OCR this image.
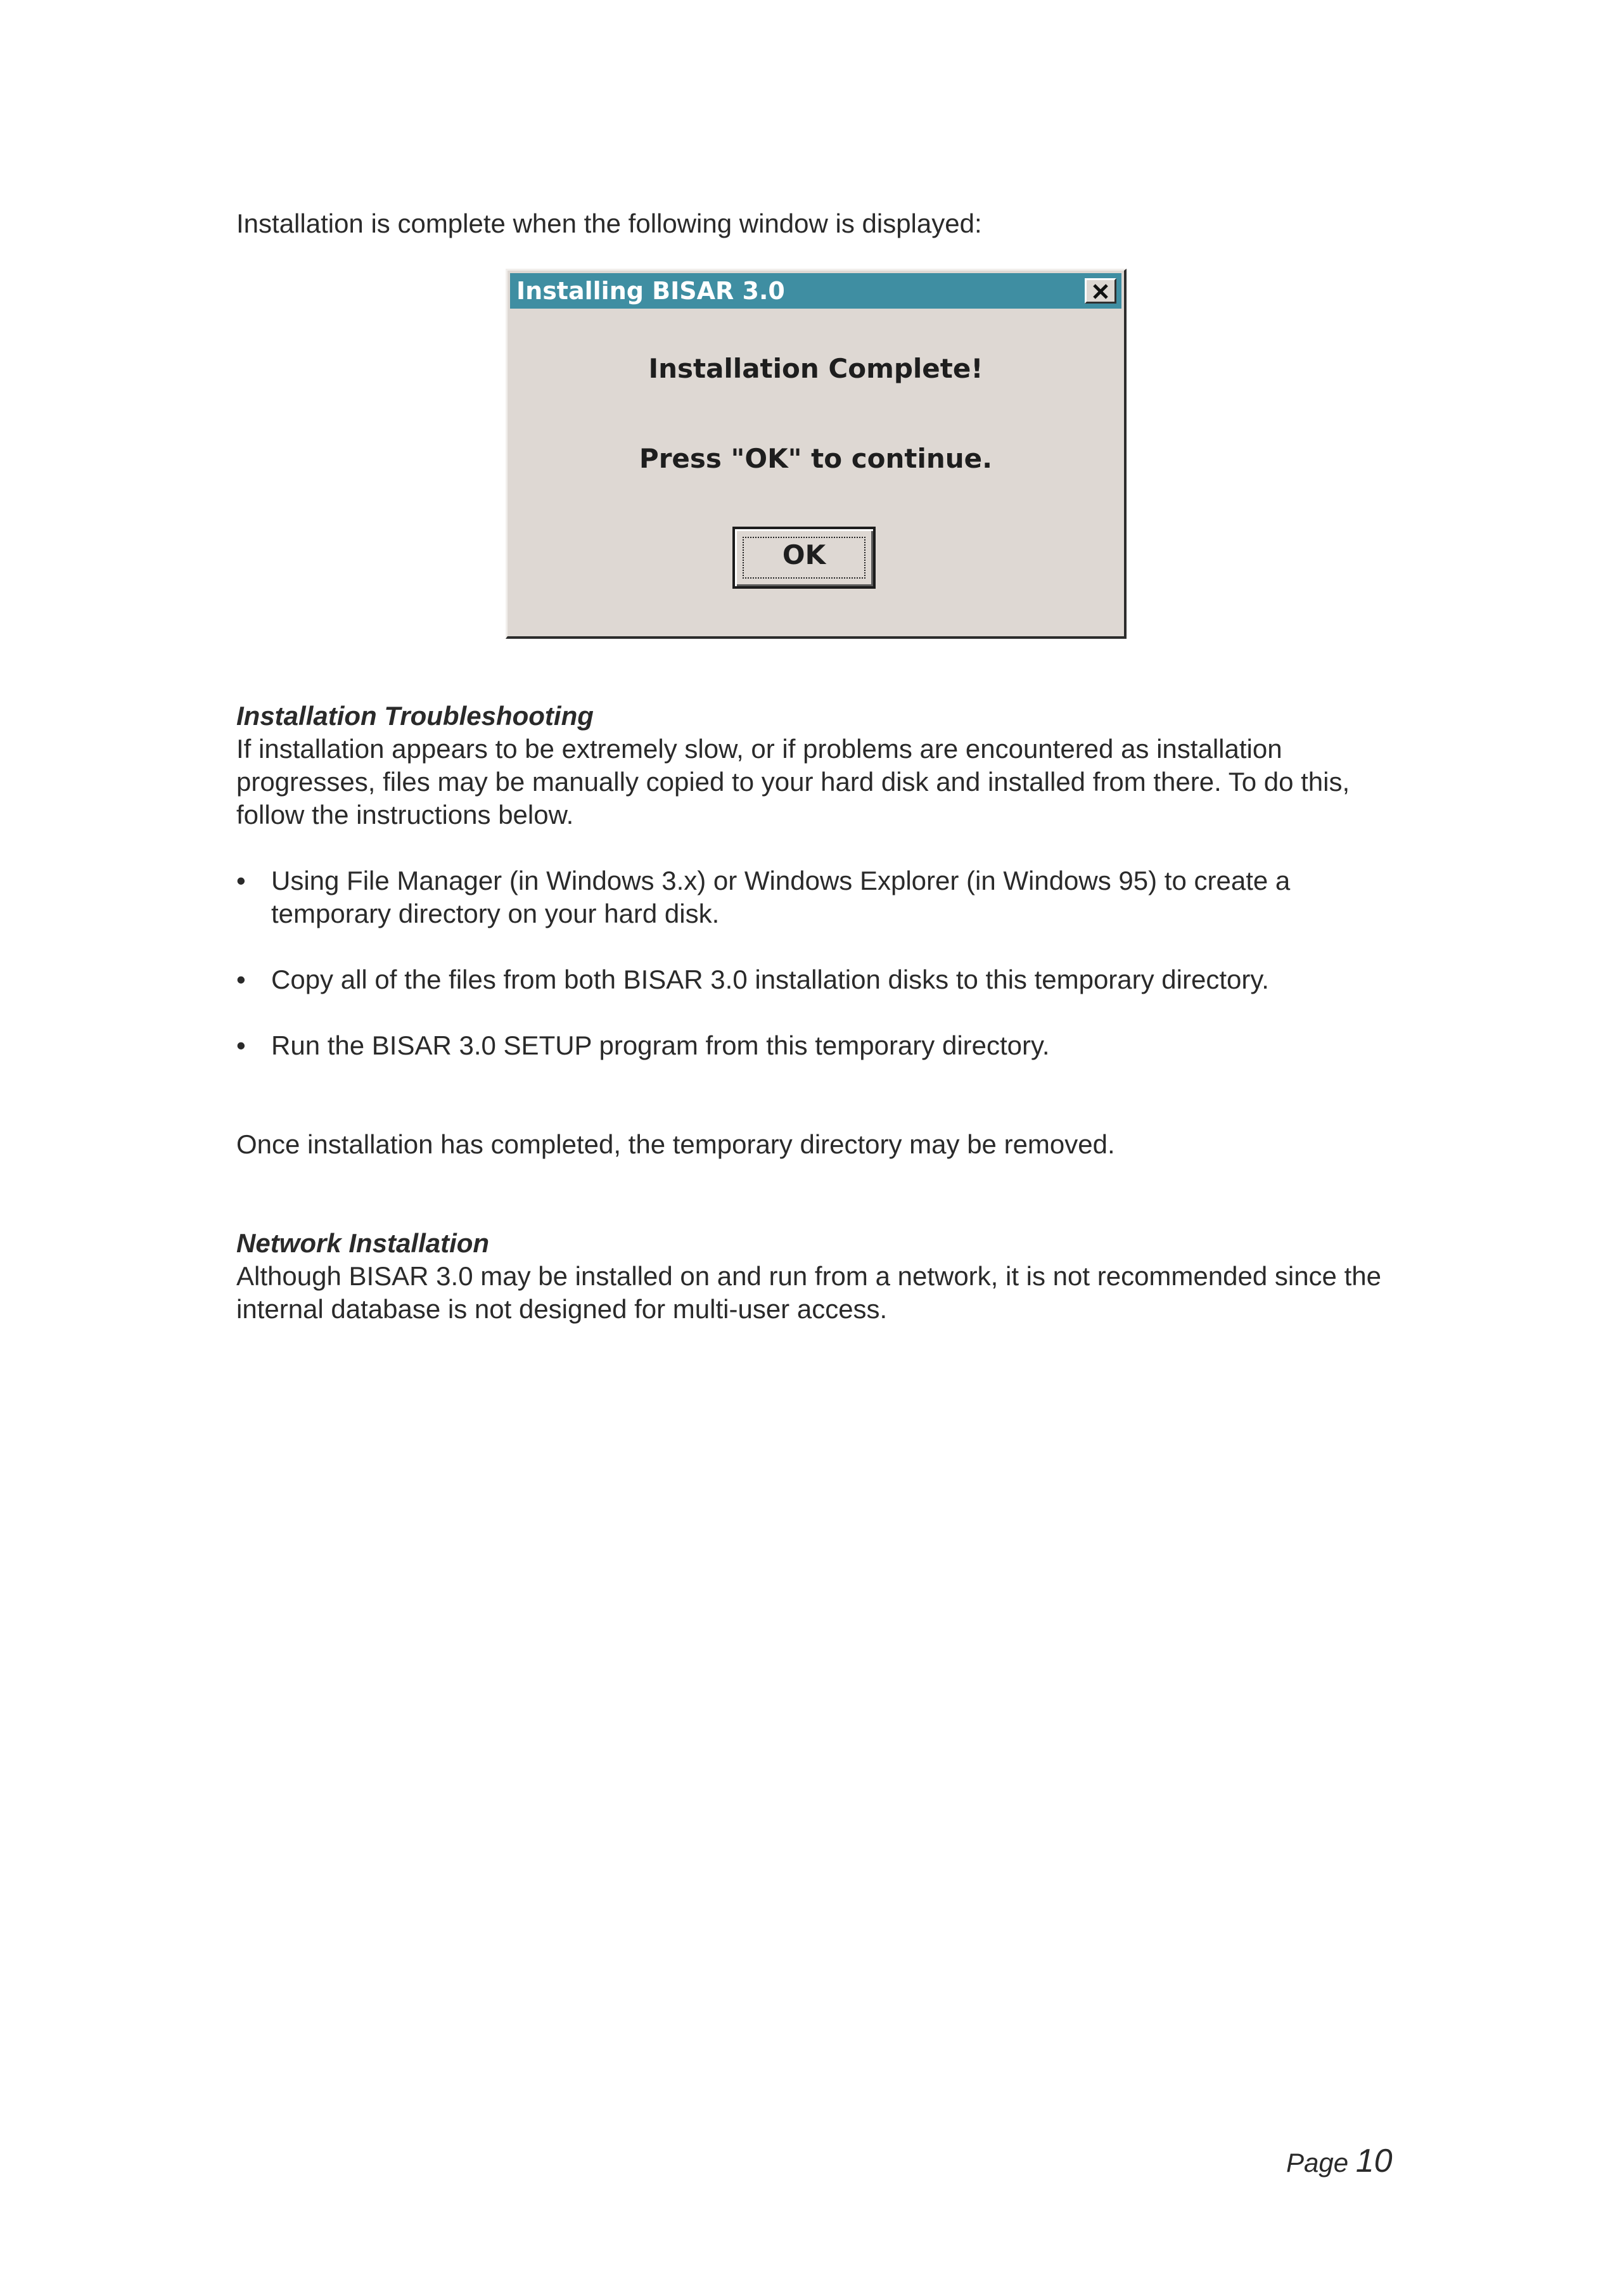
Installation is complete when the following window is displayed:

Installing BISAR 3.0

Installation Complete!

Press "OK" to continue.

OK

Installation Troubleshooting

If installation appears to be extremely slow, or if problems are encountered as installation progresses, files may be manually copied to your hard disk and installed from there. To do this, follow the instructions below.

• Using File Manager (in Windows 3.x) or Windows Explorer (in Windows 95) to create a temporary directory on your hard disk.
• Copy all of the files from both BISAR 3.0 installation disks to this temporary directory.
• Run the BISAR 3.0 SETUP program from this temporary directory.

Once installation has completed, the temporary directory may be removed.

Network Installation

Although BISAR 3.0 may be installed on and run from a network, it is not recommended since the internal database is not designed for multi-user access.

Page 10
